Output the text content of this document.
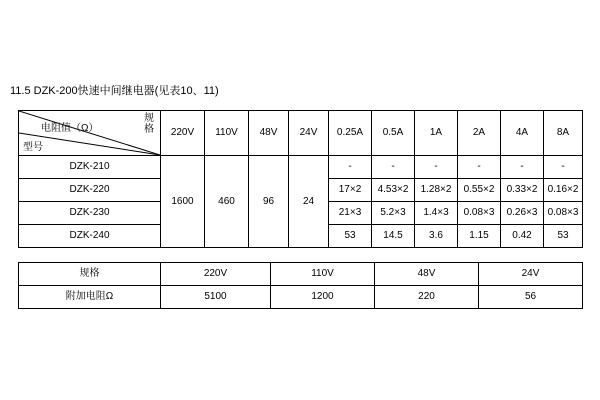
11.5 DZK-200快速中间继电器(见表10、11)
规
格
电阻值（Ω）
型号	220V	110V	48V	24V	0.25A	0.5A	1A	2A	4A	8A

DZK-210	1600	460	96	24	-	-	-	-	-	-
DZK-220					17×2	4.53×2	1.28×2	0.55×2	0.33×2	0.16×2
DZK-230					21×3	5.2×3	1.4×3	0.08×3	0.26×3	0.08×3
DZK-240					53	14.5	3.6	1.15	0.42	53
规格	220V	110V	48V	24V
附加电阻Ω	5100	1200	220	56
